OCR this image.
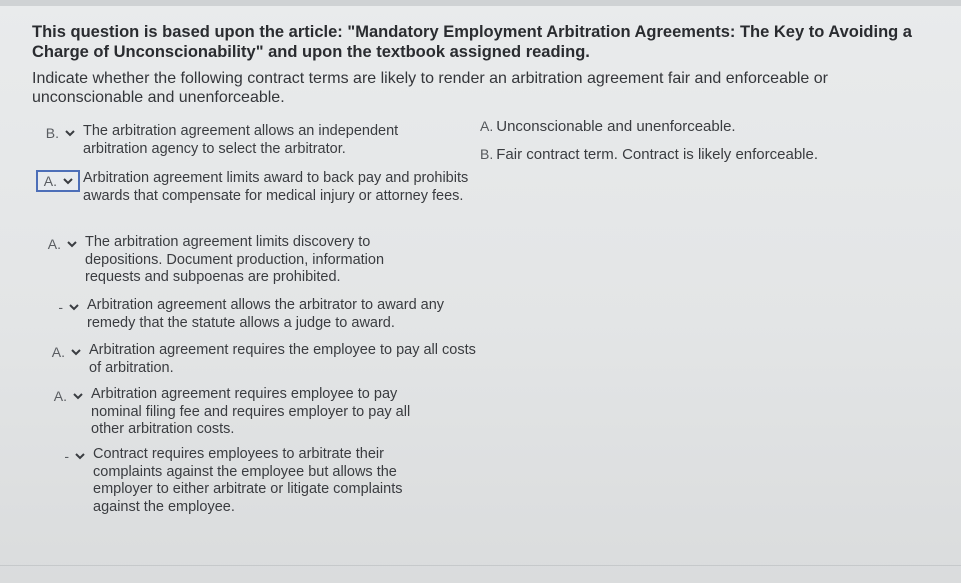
This question is based upon the article: "Mandatory Employment Arbitration Agreements: The Key to Avoiding a Charge of Unconscionability" and upon the textbook assigned reading.
Indicate whether the following contract terms are likely to render an arbitration agreement fair and enforceable or unconscionable and unenforceable.
B. The arbitration agreement allows an independent arbitration agency to select the arbitrator.
A. Arbitration agreement limits award to back pay and prohibits awards that compensate for medical injury or attorney fees.
A. The arbitration agreement limits discovery to depositions. Document production, information requests and subpoenas are prohibited.
- Arbitration agreement allows the arbitrator to award any remedy that the statute allows a judge to award.
A. Arbitration agreement requires the employee to pay all costs of arbitration.
A. Arbitration agreement requires employee to pay nominal filing fee and requires employer to pay all other arbitration costs.
- Contract requires employees to arbitrate their complaints against the employee but allows the employer to either arbitrate or litigate complaints against the employee.
A. Unconscionable and unenforceable.
B. Fair contract term. Contract is likely enforceable.
